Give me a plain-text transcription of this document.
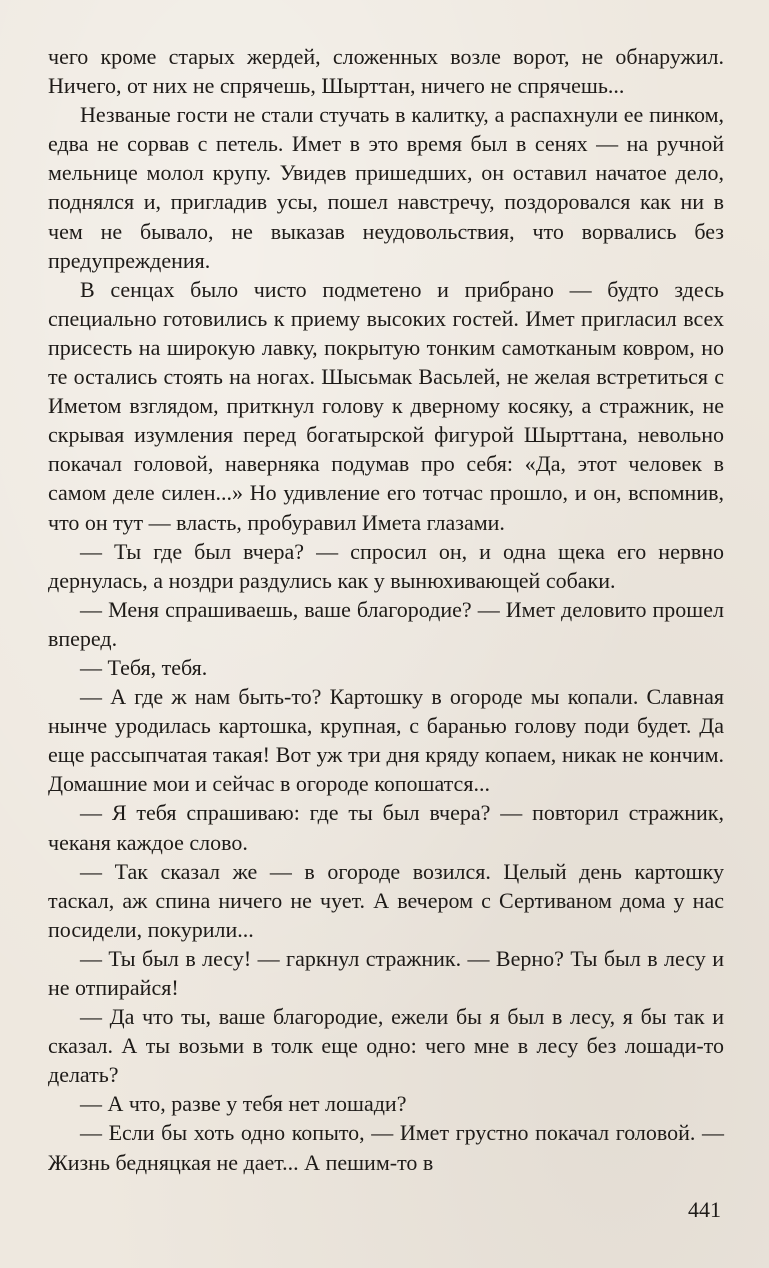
чего кроме старых жердей, сложенных возле ворот, не обнаружил. Ничего, от них не спрячешь, Шырттан, ничего не спрячешь...

Незваные гости не стали стучать в калитку, а распахнули ее пинком, едва не сорвав с петель. Имет в это время был в сенях — на ручной мельнице молол крупу. Увидев пришедших, он оставил начатое дело, поднялся и, пригладив усы, пошел навстречу, поздоровался как ни в чем не бывало, не выказав неудовольствия, что ворвались без предупреждения.

В сенцах было чисто подметено и прибрано — будто здесь специально готовились к приему высоких гостей. Имет пригласил всех присесть на широкую лавку, покрытую тонким самотканым ковром, но те остались стоять на ногах. Шысьмак Васьлей, не желая встретиться с Иметом взглядом, приткнул голову к дверному косяку, а стражник, не скрывая изумления перед богатырской фигурой Шырттана, невольно покачал головой, наверняка подумав про себя: «Да, этот человек в самом деле силен...» Но удивление его тотчас прошло, и он, вспомнив, что он тут — власть, пробуравил Имета глазами.

— Ты где был вчера? — спросил он, и одна щека его нервно дернулась, а ноздри раздулись как у вынюхивающей собаки.

— Меня спрашиваешь, ваше благородие? — Имет деловито прошел вперед.

— Тебя, тебя.

— А где ж нам быть-то? Картошку в огороде мы копали. Славная нынче уродилась картошка, крупная, с баранью голову поди будет. Да еще рассыпчатая такая! Вот уж три дня кряду копаем, никак не кончим. Домашние мои и сейчас в огороде копошатся...

— Я тебя спрашиваю: где ты был вчера? — повторил стражник, чеканя каждое слово.

— Так сказал же — в огороде возился. Целый день картошку таскал, аж спина ничего не чует. А вечером с Сертиваном дома у нас посидели, покурили...

— Ты был в лесу! — гаркнул стражник. — Верно? Ты был в лесу и не отпирайся!

— Да что ты, ваше благородие, ежели бы я был в лесу, я бы так и сказал. А ты возьми в толк еще одно: чего мне в лесу без лошади-то делать?

— А что, разве у тебя нет лошади?

— Если бы хоть одно копыто, — Имет грустно покачал головой. — Жизнь бедняцкая не дает... А пешим-то в

441
